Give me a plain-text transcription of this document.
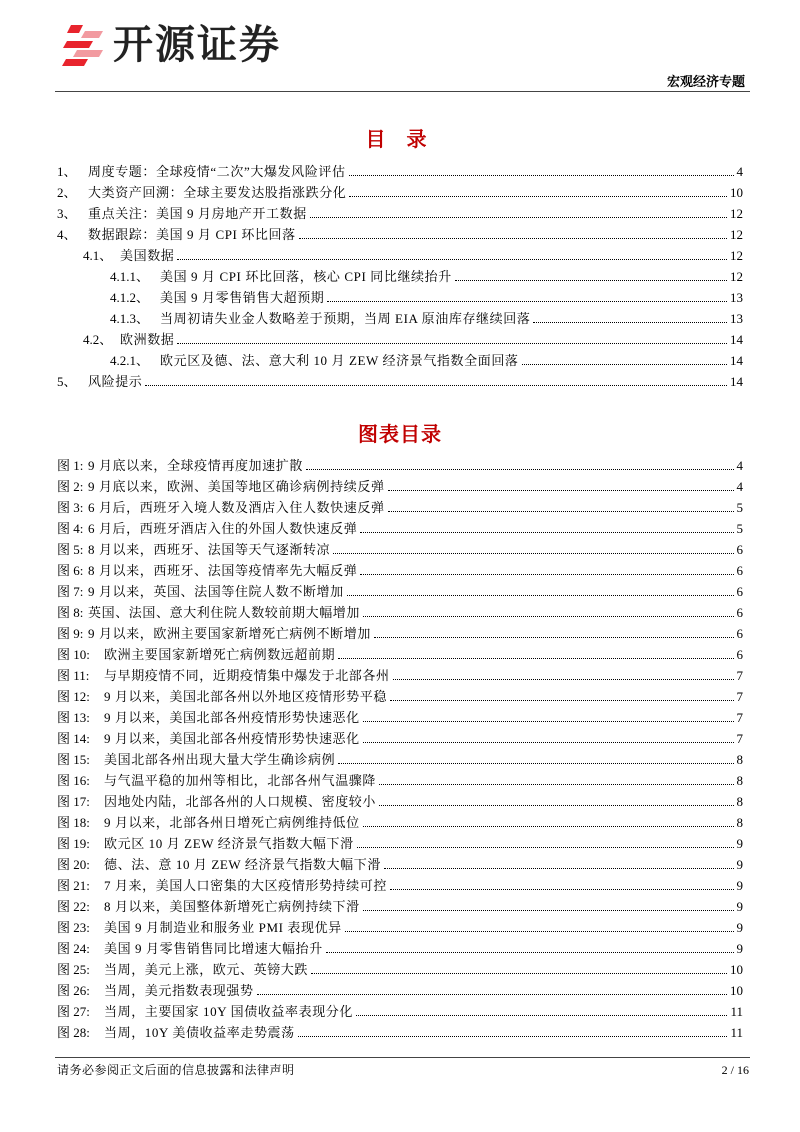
开源证券
宏观经济专题
目 录
1、 周度专题：全球疫情“二次”大爆发风险评估	4
2、 大类资产回溯：全球主要发达股指涨跌分化	10
3、 重点关注：美国 9 月房地产开工数据	12
4、 数据跟踪：美国 9 月 CPI 环比回落	12
4.1、 美国数据	12
4.1.1、 美国 9 月 CPI 环比回落，核心 CPI 同比继续抬升	12
4.1.2、 美国 9 月零售销售大超预期	13
4.1.3、 当周初请失业金人数略差于预期，当周 EIA 原油库存继续回落	13
4.2、 欧洲数据	14
4.2.1、 欧元区及德、法、意大利 10 月 ZEW 经济景气指数全面回落	14
5、 风险提示	14
图表目录
图 1: 9 月底以来，全球疫情再度加速扩散	4
图 2: 9 月底以来，欧洲、美国等地区确诊病例持续反弹	4
图 3: 6 月后，西班牙入境人数及酒店入住人数快速反弹	5
图 4: 6 月后，西班牙酒店入住的外国人数快速反弹	5
图 5: 8 月以来，西班牙、法国等天气逐渐转凉	6
图 6: 8 月以来，西班牙、法国等疫情率先大幅反弹	6
图 7: 9 月以来，英国、法国等住院人数不断增加	6
图 8: 英国、法国、意大利住院人数较前期大幅增加	6
图 9: 9 月以来，欧洲主要国家新增死亡病例不断增加	6
图 10:	欧洲主要国家新增死亡病例数远超前期	6
图 11:	与早期疫情不同，近期疫情集中爆发于北部各州	7
图 12:	9 月以来，美国北部各州以外地区疫情形势平稳	7
图 13:	9 月以来，美国北部各州疫情形势快速恶化	7
图 14:	9 月以来，美国北部各州疫情形势快速恶化	7
图 15:	美国北部各州出现大量大学生确诊病例	8
图 16:	与气温平稳的加州等相比，北部各州气温骤降	8
图 17:	因地处内陆，北部各州的人口规模、密度较小	8
图 18:	9 月以来，北部各州日增死亡病例维持低位	8
图 19:	欧元区 10 月 ZEW 经济景气指数大幅下滑	9
图 20:	德、法、意 10 月 ZEW 经济景气指数大幅下滑	9
图 21:	7 月来，美国人口密集的大区疫情形势持续可控	9
图 22:	8 月以来，美国整体新增死亡病例持续下滑	9
图 23:	美国 9 月制造业和服务业 PMI 表现优异	9
图 24:	美国 9 月零售销售同比增速大幅抬升	9
图 25:	当周，美元上涨，欧元、英镑大跌	10
图 26:	当周，美元指数表现强势	10
图 27:	当周，主要国家 10Y 国债收益率表现分化	11
图 28:	当周，10Y 美债收益率走势震荡	11
请务必参阅正文后面的信息披露和法律声明	2 / 16
